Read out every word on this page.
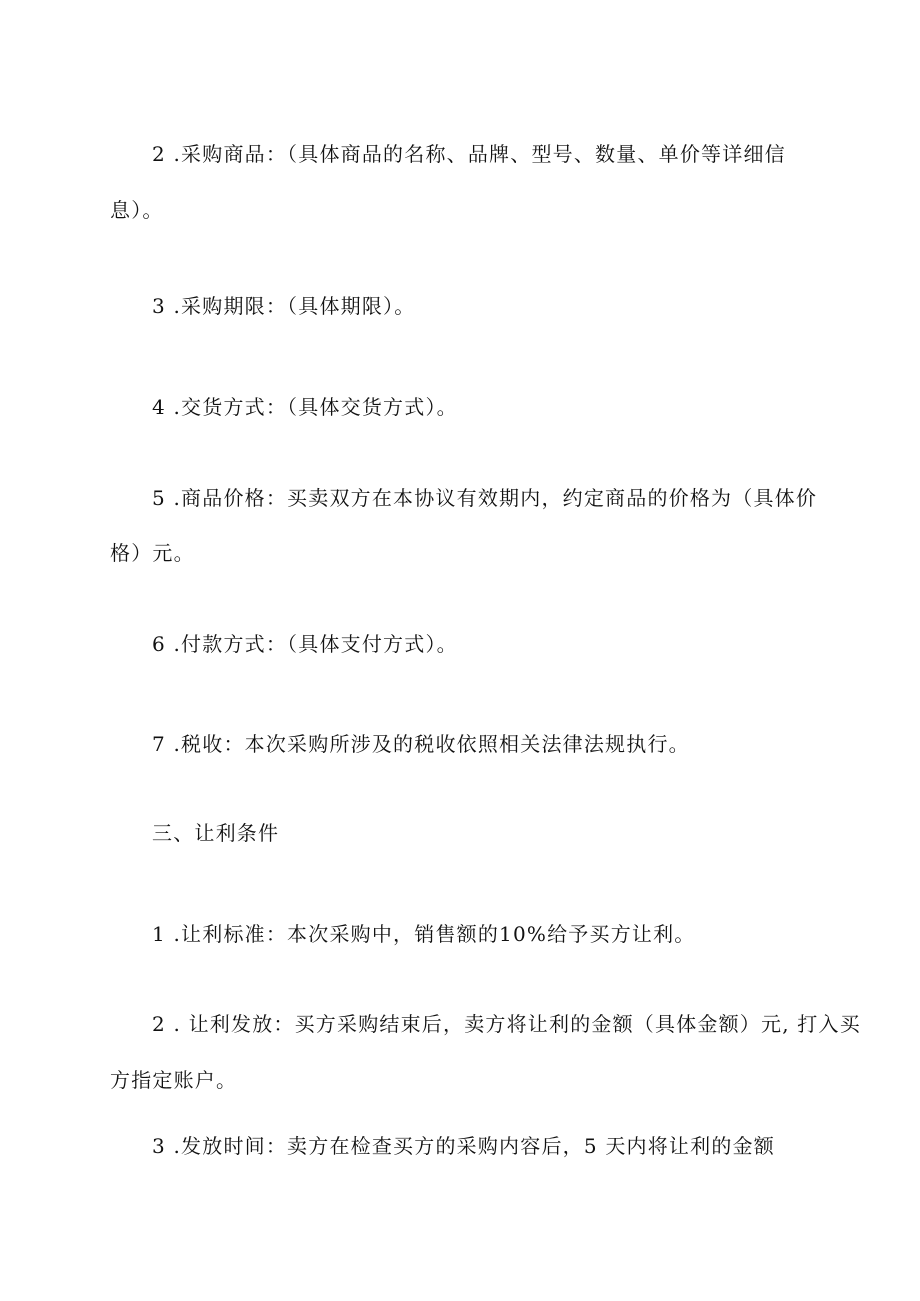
2 .采购商品：（具体商品的名称、品牌、型号、数量、单价等详细信
息）。
3 .采购期限：（具体期限）。
4 .交货方式：（具体交货方式）。
5 .商品价格：买卖双方在本协议有效期内，约定商品的价格为（具体价
格）元。
6 .付款方式：（具体支付方式）。
7 .税收：本次采购所涉及的税收依照相关法律法规执行。
三、让利条件
1 .让利标准：本次采购中，销售额的10%给予买方让利。
2 . 让利发放：买方采购结束后，卖方将让利的金额（具体金额）元, 打入买
方指定账户。
3 .发放时间：卖方在检查买方的采购内容后，5 天内将让利的金额
